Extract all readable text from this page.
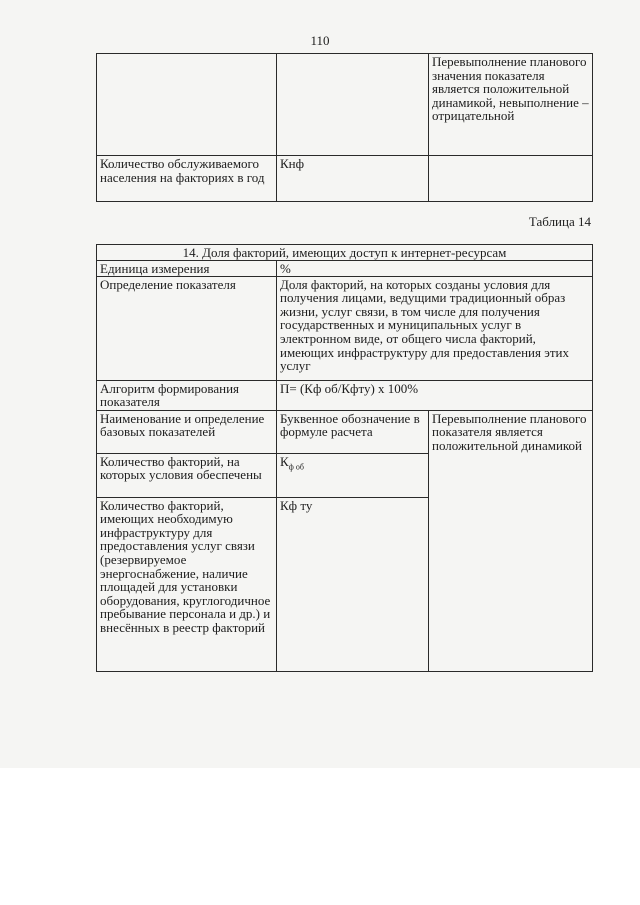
110
		Перевыполнение планового значения показателя является положительной динамикой, невыполнение – отрицательной
Количество обслуживаемого населения на факториях в год	Кнф	
Таблица 14
14. Доля факторий, имеющих доступ к интернет-ресурсам		
Единица измерения	%	
Определение показателя	Доля факторий, на которых созданы условия для получения лицами, ведущими традиционный образ жизни, услуг связи, в том числе для получения государственных и муниципальных услуг в электронном виде, от общего числа факторий, имеющих инфраструктуру для предоставления этих услуг	
Алгоритм формирования показателя	П= (Кф об/Кфту) х 100%	
Наименование и определение базовых показателей	Буквенное обозначение в формуле расчета	Перевыполнение планового показателя является положительной динамикой
Количество факторий, на которых условия обеспечены	$К_{ф об}$
Количество факторий, имеющих необходимую инфраструктуру для предоставления услуг связи (резервируемое энергоснабжение, наличие площадей для установки оборудования, круглогодичное пребывание персонала и др.) и внесённых в реестр факторий	Кф ту	
